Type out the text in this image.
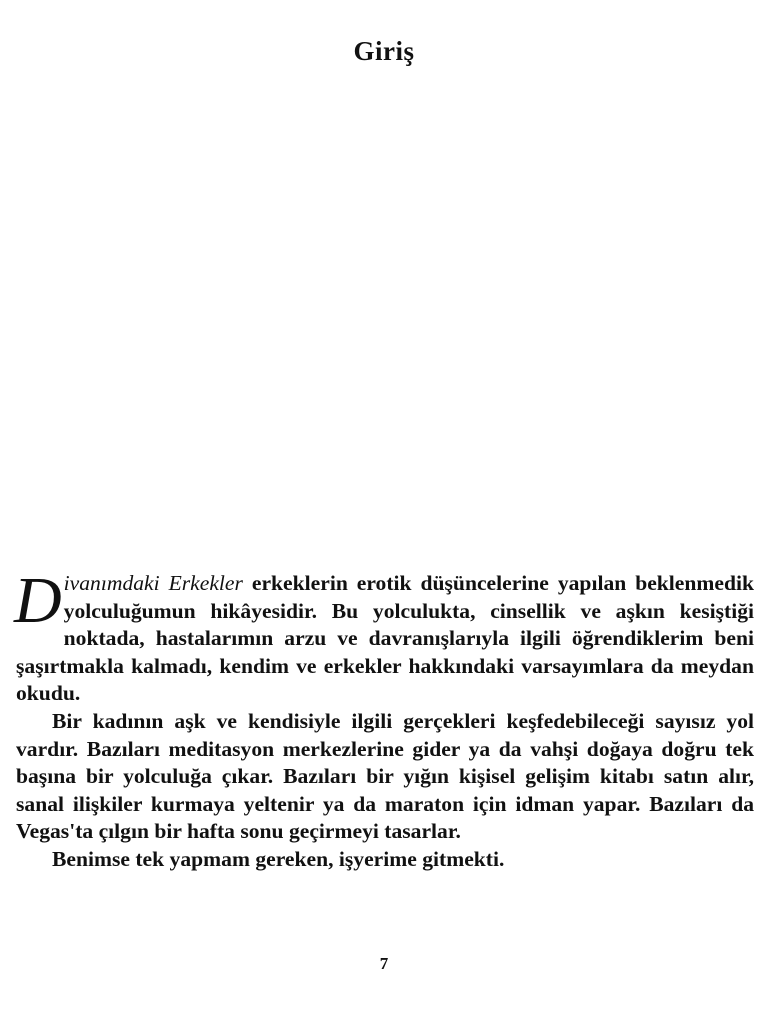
Giriş

Divanımdaki Erkekler erkeklerin erotik düşüncelerine yapılan beklenmedik yolculuğumun hikâyesidir. Bu yolculukta, cinsellik ve aşkın kesiştiği noktada, hastalarımın arzu ve davranışlarıyla ilgili öğrendiklerim beni şaşırtmakla kalmadı, kendim ve erkekler hakkındaki varsayımlara da meydan okudu.

Bir kadının aşk ve kendisiyle ilgili gerçekleri keşfedebileceği sayısız yol vardır. Bazıları meditasyon merkezlerine gider ya da vahşi doğaya doğru tek başına bir yolculuğa çıkar. Bazıları bir yığın kişisel gelişim kitabı satın alır, sanal ilişkiler kurmaya yeltenir ya da maraton için idman yapar. Bazıları da Vegas'ta çılgın bir hafta sonu geçirmeyi tasarlar.

Benimse tek yapmam gereken, işyerime gitmekti.

7
